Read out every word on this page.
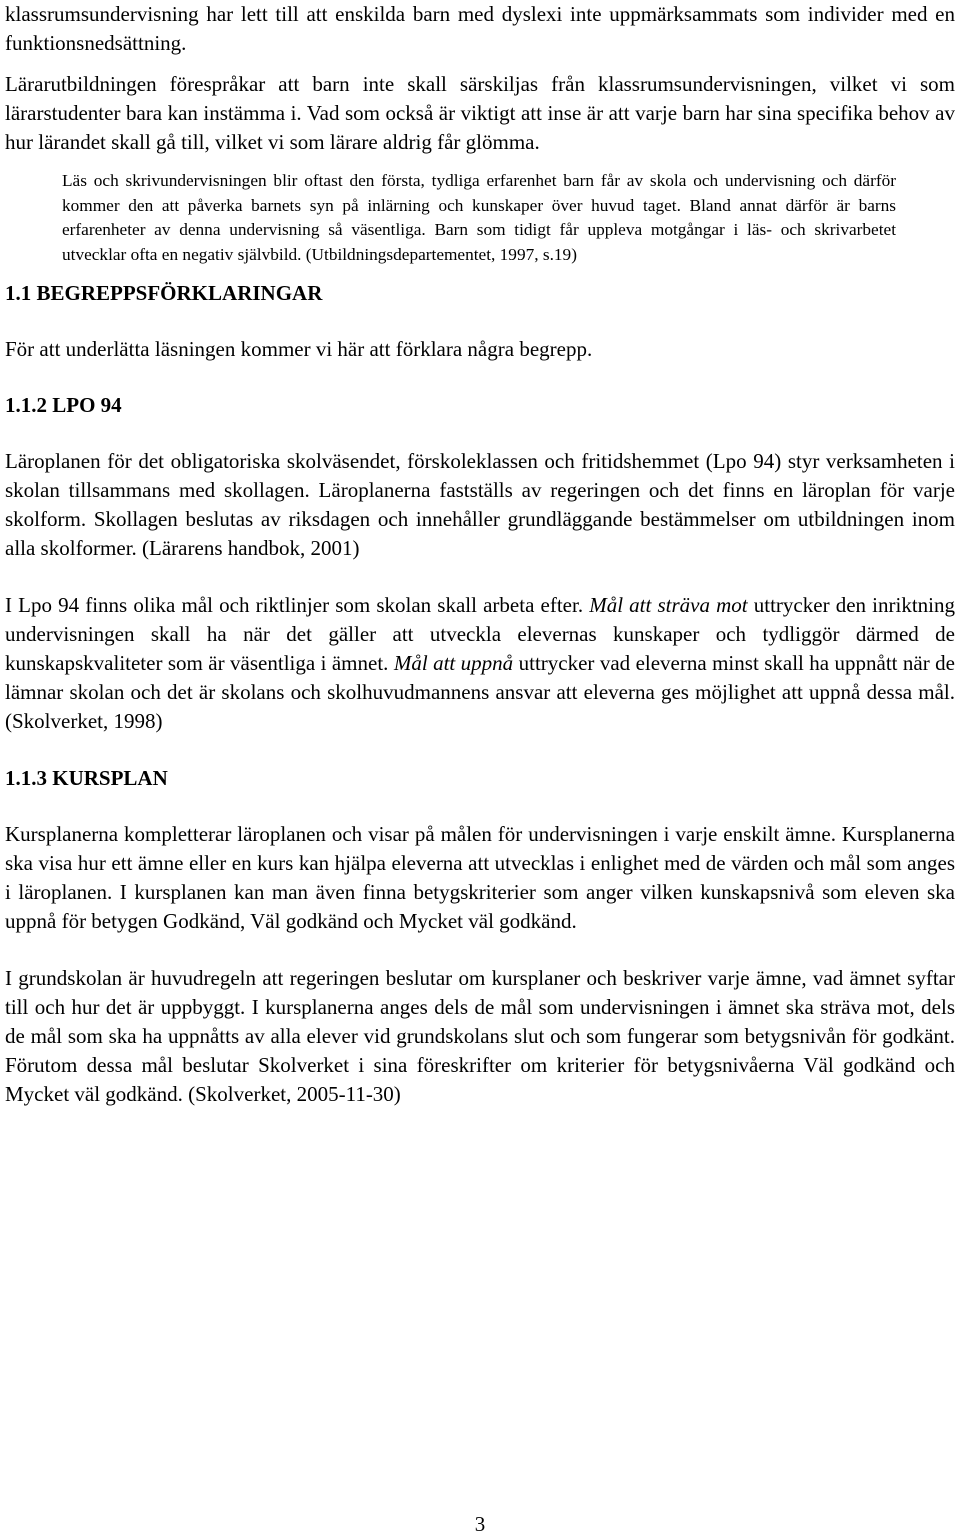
klassrumsundervisning har lett till att enskilda barn med dyslexi inte uppmärksammats som individer med en funktionsnedsättning.

Lärarutbildningen förespråkar att barn inte skall särskiljas från klassrumsundervisningen, vilket vi som lärarstudenter bara kan instämma i. Vad som också är viktigt att inse är att varje barn har sina specifika behov av hur lärandet skall gå till, vilket vi som lärare aldrig får glömma.

Läs och skrivundervisningen blir oftast den första, tydliga erfarenhet barn får av skola och undervisning och därför kommer den att påverka barnets syn på inlärning och kunskaper över huvud taget. Bland annat därför är barns erfarenheter av denna undervisning så väsentliga. Barn som tidigt får uppleva motgångar i läs- och skrivarbetet utvecklar ofta en negativ självbild. (Utbildningsdepartementet, 1997, s.19)

1.1 BEGREPPSFÖRKLARINGAR

För att underlätta läsningen kommer vi här att förklara några begrepp.

1.1.2 LPO 94

Läroplanen för det obligatoriska skolväsendet, förskoleklassen och fritidshemmet (Lpo 94) styr verksamheten i skolan tillsammans med skollagen. Läroplanerna fastställs av regeringen och det finns en läroplan för varje skolform. Skollagen beslutas av riksdagen och innehåller grundläggande bestämmelser om utbildningen inom alla skolformer. (Lärarens handbok, 2001)

I Lpo 94 finns olika mål och riktlinjer som skolan skall arbeta efter. Mål att sträva mot uttrycker den inriktning undervisningen skall ha när det gäller att utveckla elevernas kunskaper och tydliggör därmed de kunskapskvaliteter som är väsentliga i ämnet. Mål att uppnå uttrycker vad eleverna minst skall ha uppnått när de lämnar skolan och det är skolans och skolhuvudmannens ansvar att eleverna ges möjlighet att uppnå dessa mål. (Skolverket, 1998)

1.1.3 KURSPLAN

Kursplanerna kompletterar läroplanen och visar på målen för undervisningen i varje enskilt ämne. Kursplanerna ska visa hur ett ämne eller en kurs kan hjälpa eleverna att utvecklas i enlighet med de värden och mål som anges i läroplanen. I kursplanen kan man även finna betygskriterier som anger vilken kunskapsnivå som eleven ska uppnå för betygen Godkänd, Väl godkänd och Mycket väl godkänd.

I grundskolan är huvudregeln att regeringen beslutar om kursplaner och beskriver varje ämne, vad ämnet syftar till och hur det är uppbyggt. I kursplanerna anges dels de mål som undervisningen i ämnet ska sträva mot, dels de mål som ska ha uppnåtts av alla elever vid grundskolans slut och som fungerar som betygsnivån för godkänt. Förutom dessa mål beslutar Skolverket i sina föreskrifter om kriterier för betygsnivåerna Väl godkänd och Mycket väl godkänd. (Skolverket, 2005-11-30)

3
